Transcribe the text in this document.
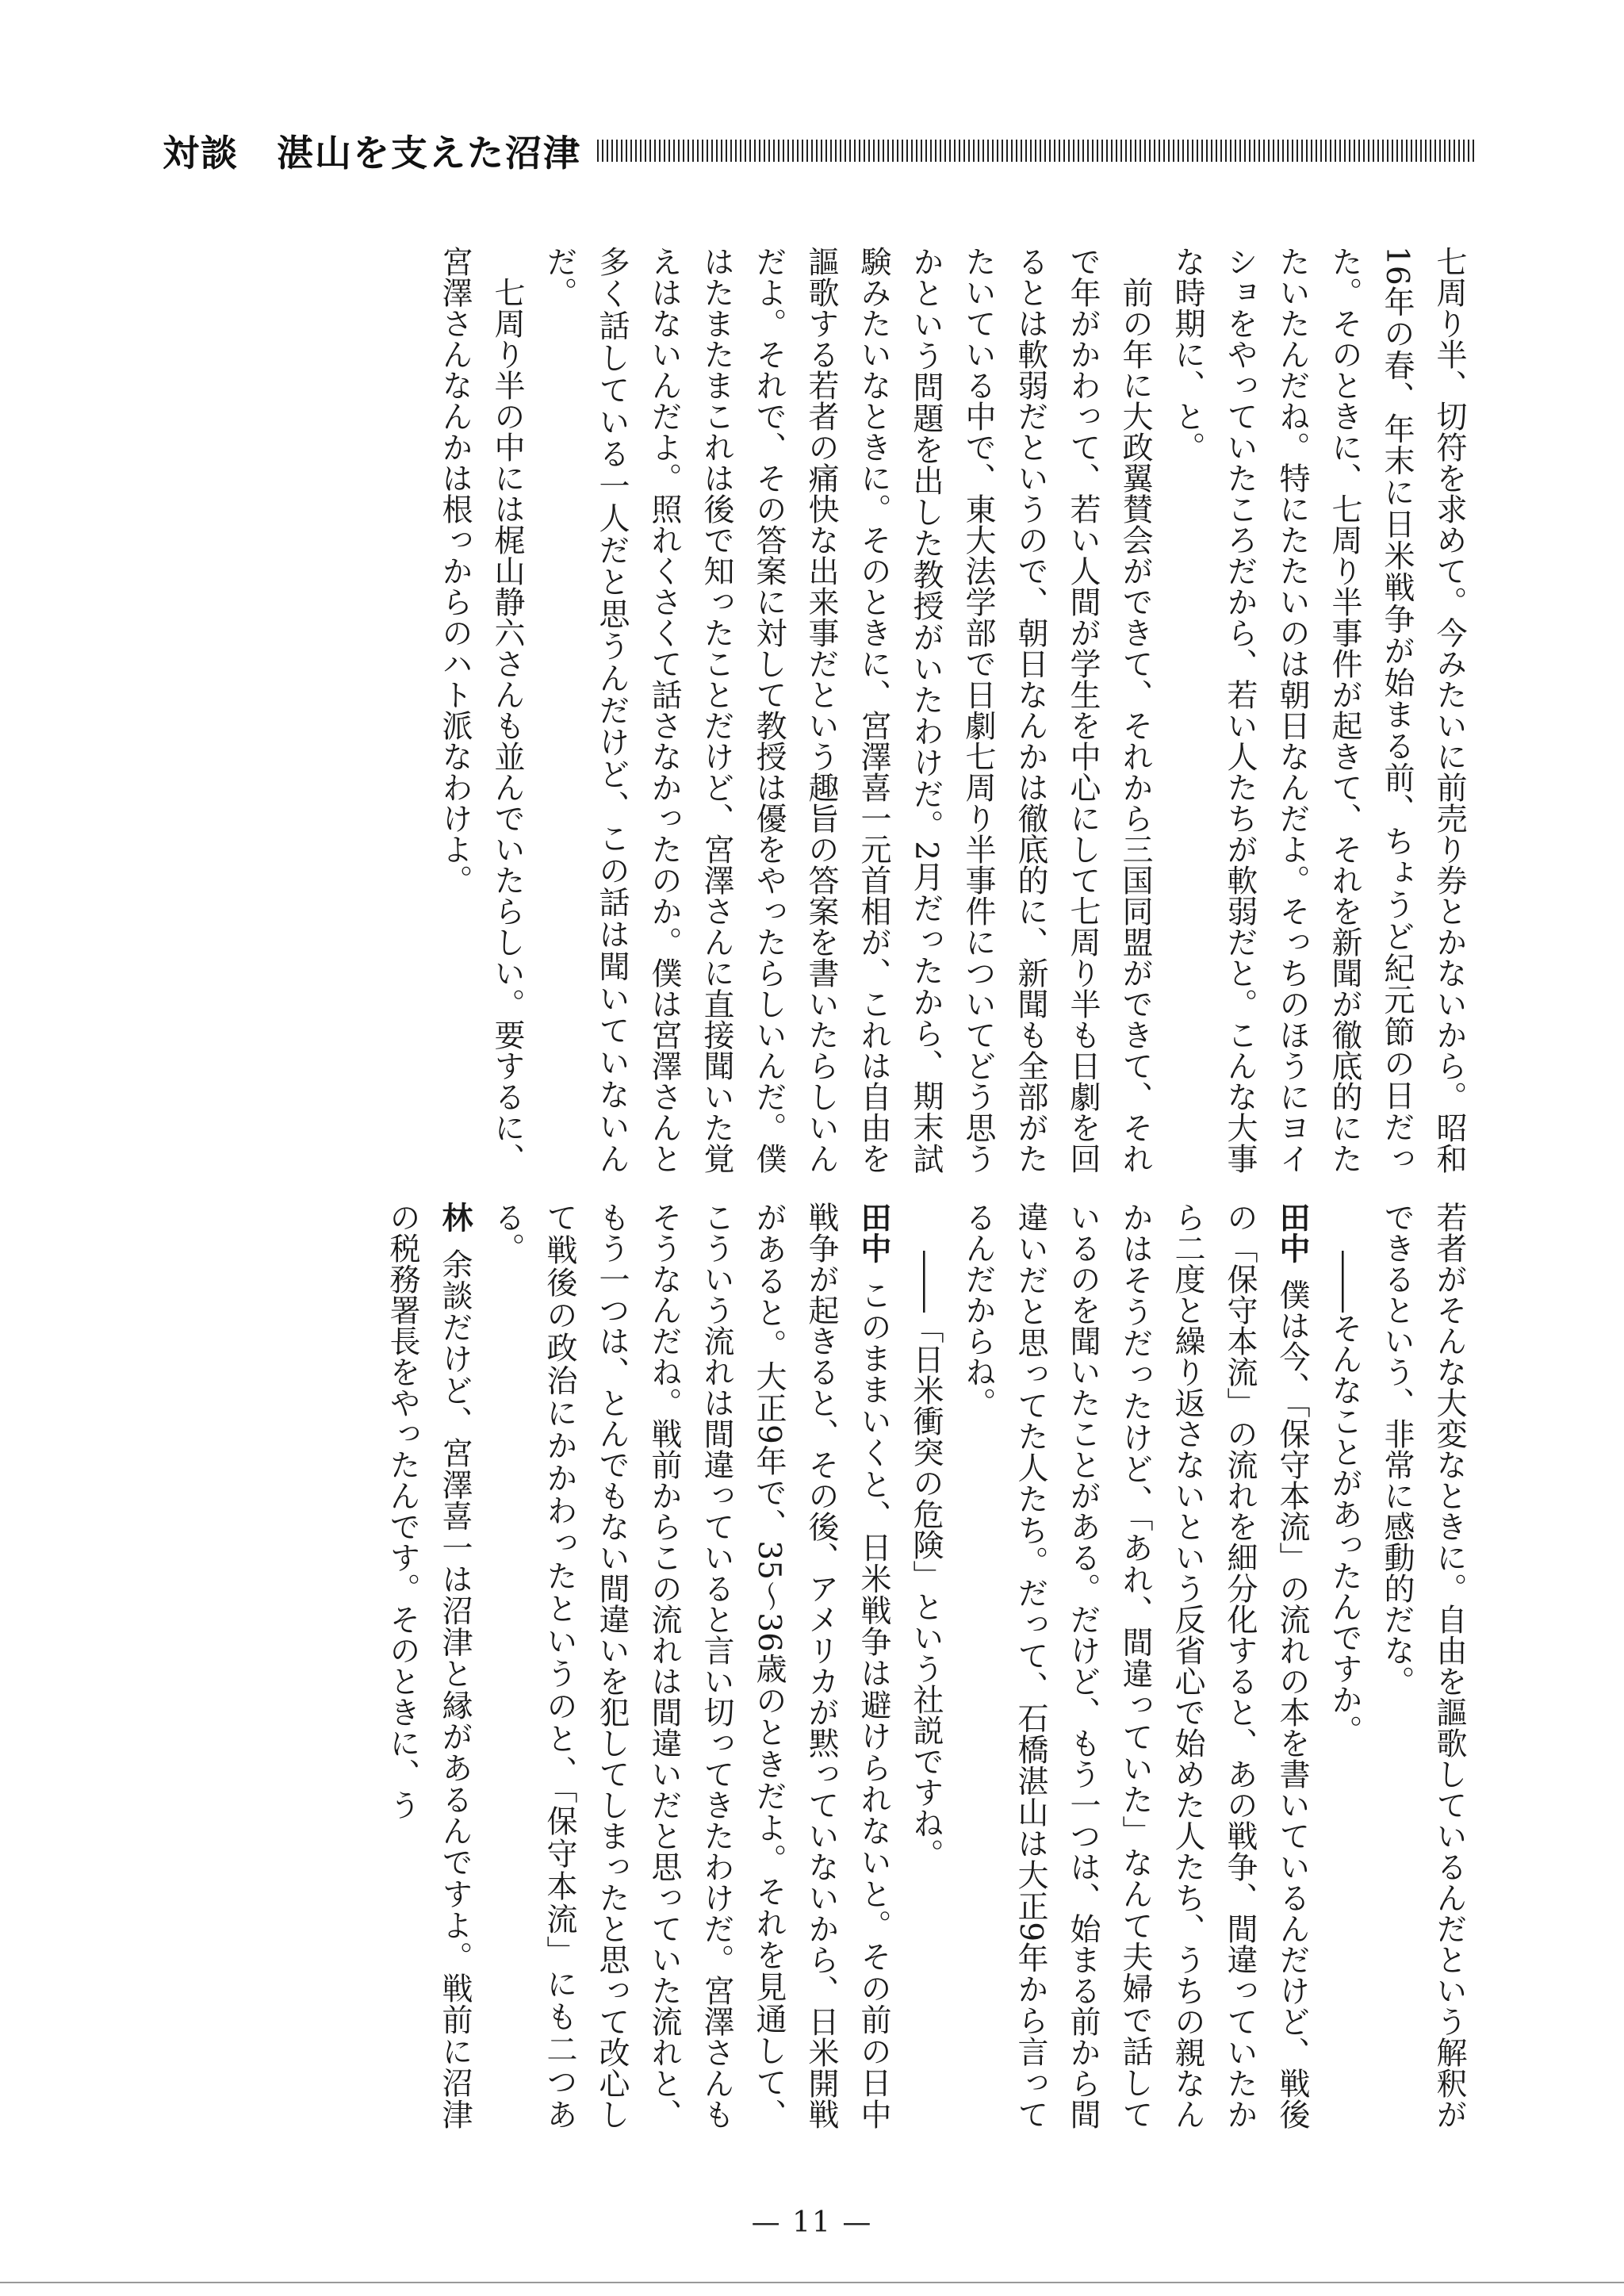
対談　湛山を支えた沼津

七周り半、切符を求めて。今みたいに前売り券とかないから。昭和16年の春、年末に日米戦争が始まる前、ちょうど紀元節の日だった。そのときに、七周り半事件が起きて、それを新聞が徹底的にたたいたんだね。特にたたいのは朝日なんだよ。そっちのほうにヨイショをやっていたころだから、若い人たちが軟弱だと。こんな大事な時期に、と。

前の年に大政翼賛会ができて、それから三国同盟ができて、それで年がかわって、若い人間が学生を中心にして七周り半も日劇を回るとは軟弱だというので、朝日なんかは徹底的に、新聞も全部がたたいている中で、東大法学部で日劇七周り半事件についてどう思うかという問題を出した教授がいたわけだ。2月だったから、期末試験みたいなときに。そのときに、宮澤喜一元首相が、これは自由を謳歌する若者の痛快な出来事だという趣旨の答案を書いたらしいんだよ。それで、その答案に対して教授は優をやったらしいんだ。僕はたまたまこれは後で知ったことだけど、宮澤さんに直接聞いた覚えはないんだよ。照れくさくて話さなかったのか。僕は宮澤さんと多く話している一人だと思うんだけど、この話は聞いていないんだ。

七周り半の中には梶山静六さんも並んでいたらしい。要するに、宮澤さんなんかは根っからのハト派なわけよ。

若者がそんな大変なときに。自由を謳歌しているんだという解釈ができるという、非常に感動的だな。

――そんなことがあったんですか。

田中僕は今、「保守本流」の流れの本を書いているんだけど、戦後の「保守本流」の流れを細分化すると、あの戦争、間違っていたから二度と繰り返さないという反省心で始めた人たち、うちの親なんかはそうだったけど、「あれ、間違っていた」なんて夫婦で話しているのを聞いたことがある。だけど、もう一つは、始まる前から間違いだと思ってた人たち。だって、石橋湛山は大正9年から言ってるんだからね。

――「日米衝突の危険」という社説ですね。

田中このままいくと、日米戦争は避けられないと。その前の日中戦争が起きると、その後、アメリカが黙っていないから、日米開戦があると。大正9年で、35～36歳のときだよ。それを見通して、こういう流れは間違っていると言い切ってきたわけだ。宮澤さんもそうなんだね。戦前からこの流れは間違いだと思っていた流れと、もう一つは、とんでもない間違いを犯してしまったと思って改心して戦後の政治にかかわったというのと、「保守本流」にも二つある。

林余談だけど、宮澤喜一は沼津と縁があるんですよ。戦前に沼津の税務署長をやったんです。そのときに、う

— 11 —
